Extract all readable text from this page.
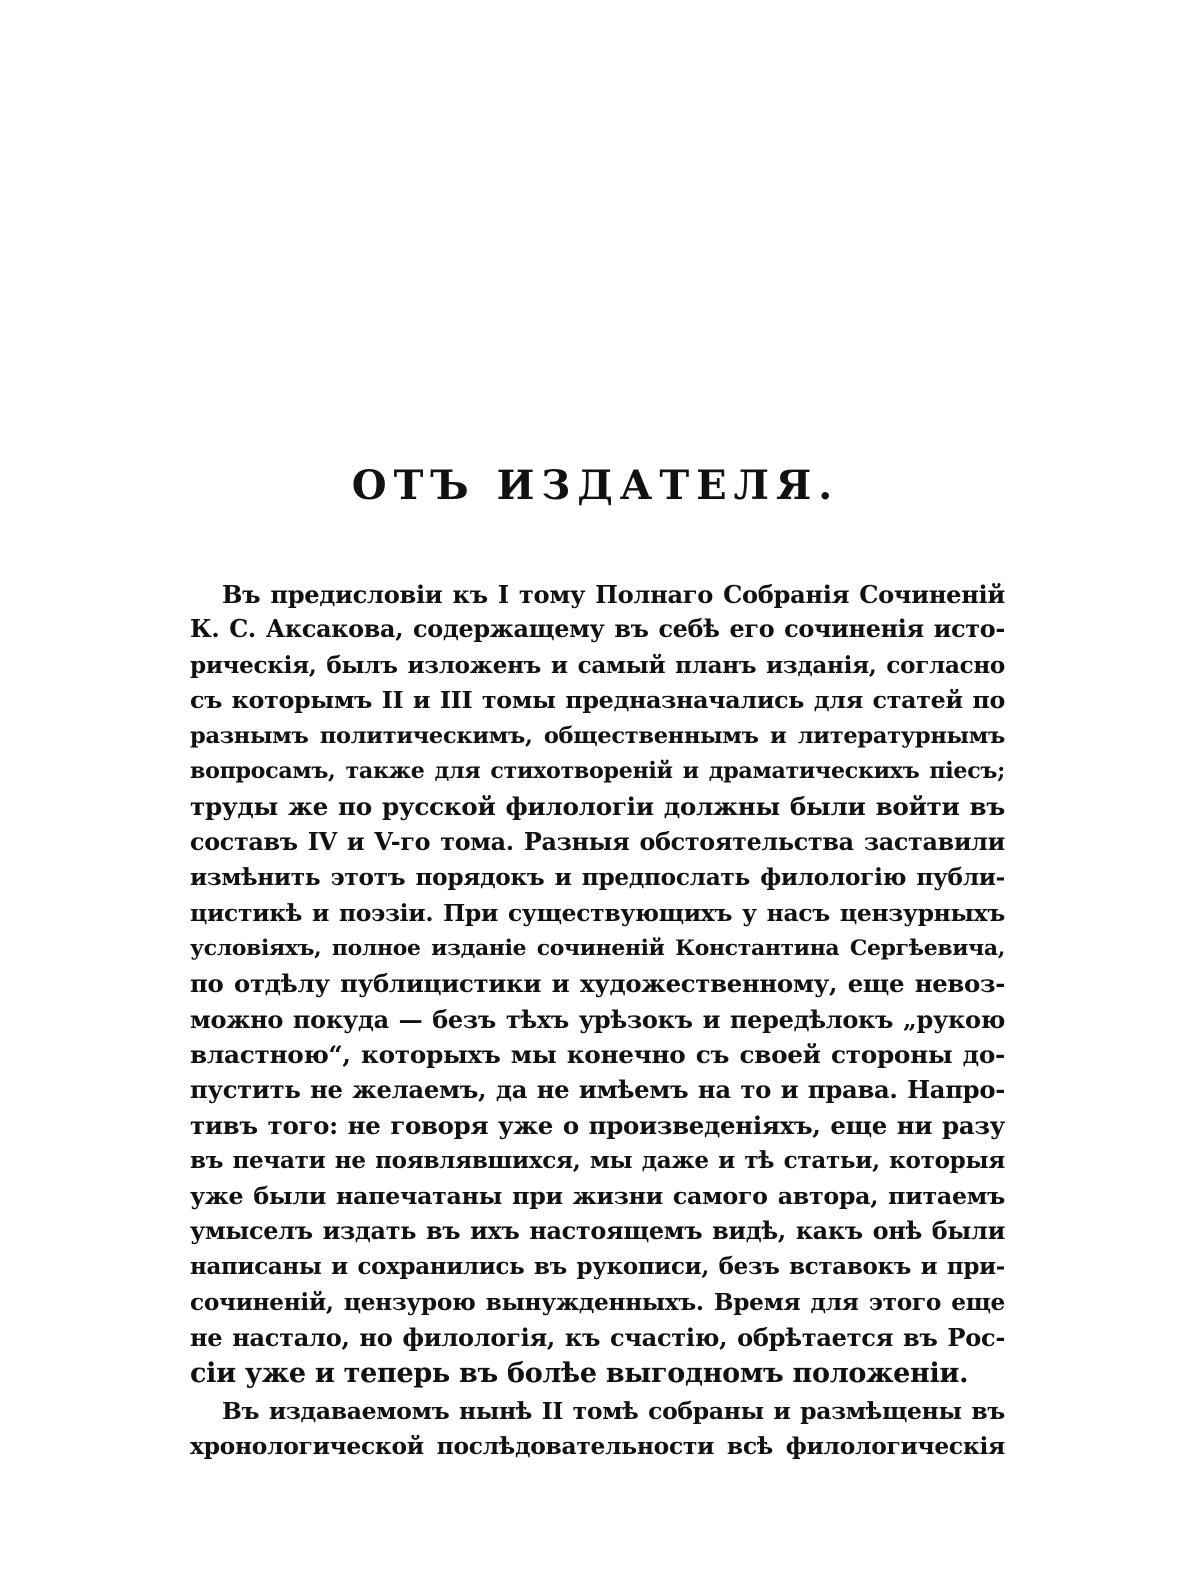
ОТЪ ИЗДАТЕЛЯ.
Въ предисловіи къ I тому Полнаго Собранія Сочиненій
К. С. Аксакова, содержащему въ себѣ его сочиненія исто-
рическія, былъ изложенъ и самый планъ изданія, согласно
съ которымъ II и III томы предназначались для статей по
разнымъ политическимъ, общественнымъ и литературнымъ
вопросамъ, также для стихотвореній и драматическихъ піесъ;
труды же по русской филологіи должны были войти въ
составъ IV и V-го тома. Разныя обстоятельства заставили
измѣнить этотъ порядокъ и предпослать филологію публи-
цистикѣ и поэзіи. При существующихъ у насъ цензурныхъ
условіяхъ, полное изданіе сочиненій Константина Сергѣевича,
по отдѣлу публицистики и художественному, еще невоз-
можно покуда — безъ тѣхъ урѣзокъ и передѣлокъ „рукою
властною“, которыхъ мы конечно съ своей стороны до-
пустить не желаемъ, да не имѣемъ на то и права. Напро-
тивъ того: не говоря уже о произведеніяхъ, еще ни разу
въ печати не появлявшихся, мы даже и тѣ статьи, которыя
уже были напечатаны при жизни самого автора, питаемъ
умыселъ издать въ ихъ настоящемъ видѣ, какъ онѣ были
написаны и сохранились въ рукописи, безъ вставокъ и при-
сочиненій, цензурою вынужденныхъ. Время для этого еще
не настало, но филологія, къ счастію, обрѣтается въ Рос-
сіи уже и теперь въ болѣе выгодномъ положеніи.
Въ издаваемомъ нынѣ II томѣ собраны и размѣщены въ
хронологической послѣдовательности всѣ филологическія
